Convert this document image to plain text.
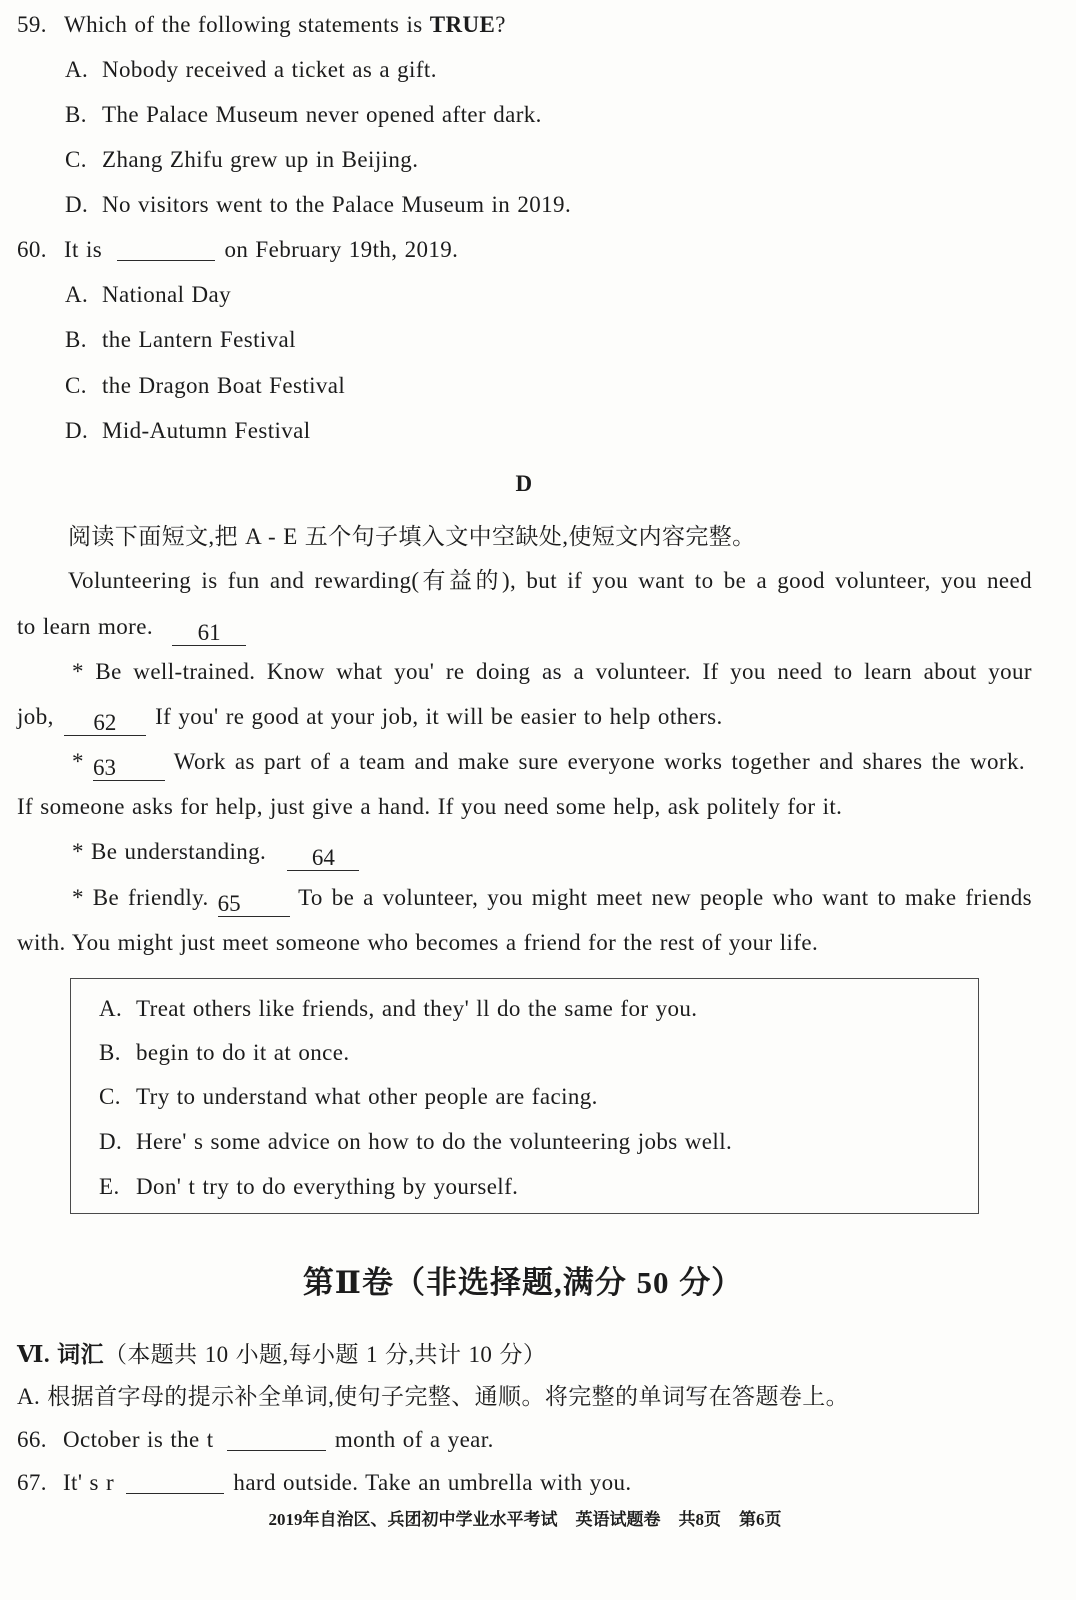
59. Which of the following statements is TRUE?
A. Nobody received a ticket as a gift.
B. The Palace Museum never opened after dark.
C. Zhang Zhifu grew up in Beijing.
D. No visitors went to the Palace Museum in 2019.
60. It is	on February 19th, 2019.
A. National Day
B. the Lantern Festival
C. the Dragon Boat Festival
D. Mid-Autumn Festival
D
阅读下面短文,把 A - E 五个句子填入文中空缺处,使短文内容完整。
Volunteering is fun and rewarding(有益的), but if you want to be a good volunteer, you need
to learn more. 61
* Be well-trained. Know what you' re doing as a volunteer. If you need to learn about your
job, 62 If you' re good at your job, it will be easier to help others.
* 63	Work as part of a team and make sure everyone works together and shares the work.
If someone asks for help, just give a hand. If you need some help, ask politely for it.
* Be understanding. 64
* Be friendly. 65 To be a volunteer, you might meet new people who want to make friends
with. You might just meet someone who becomes a friend for the rest of your life.
A. Treat others like friends, and they' ll do the same for you.
B. begin to do it at once.
C. Try to understand what other people are facing.
D. Here' s some advice on how to do the volunteering jobs well.
E. Don' t try to do everything by yourself.
第Ⅱ卷（非选择题,满分 50 分）
Ⅵ. 词汇（本题共 10 小题,每小题 1 分,共计 10 分）
A. 根据首字母的提示补全单词,使句子完整、通顺。将完整的单词写在答题卷上。
66. October is the t	month of a year.
67. It' s r	hard outside. Take an umbrella with you.
2019年自治区、兵团初中学业水平考试 英语试题卷 共8页 第6页
